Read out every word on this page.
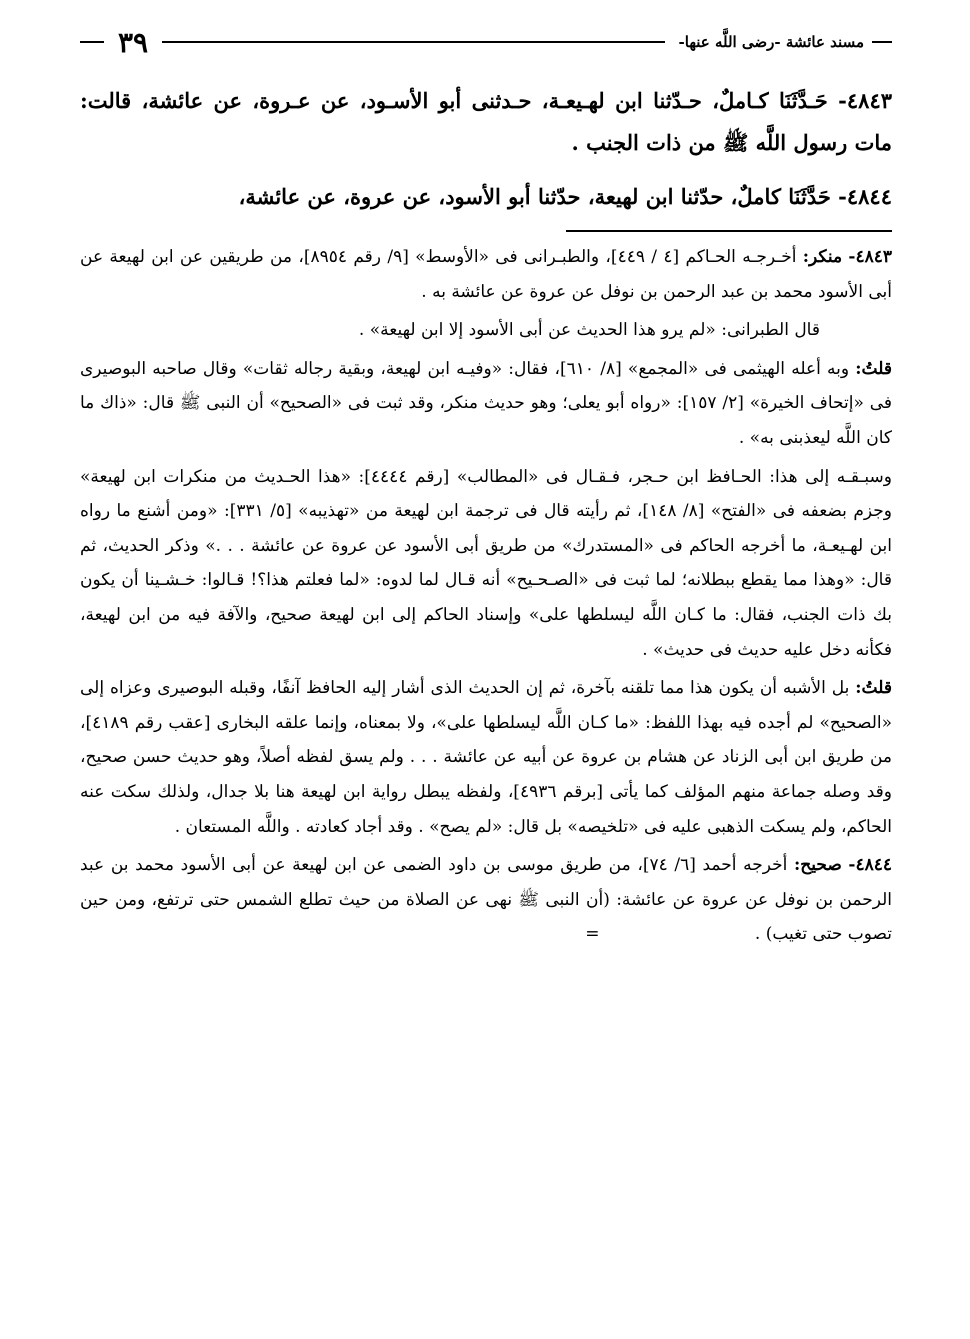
مسند عائشة -رضى اللَّه عنها-
٣٩

٤٨٤٣- حَـدَّثَنَا كـاملٌ، حـدّثنا ابن لهـيعـة، حـدثنى أبو الأسـود، عن عـروة، عن عائشة، قالت: مات رسول اللَّه ﷺ من ذات الجنب .

٤٨٤٤- حَدَّثَنَا كاملٌ، حدّثنا ابن لهيعة، حدّثنا أبو الأسود، عن عروة، عن عائشة،

٤٨٤٣- منكر: أخـرجـه الحـاكم [٤ / ٤٤٩]، والطبـرانى فى «الأوسط» [٩/ رقم ٨٩٥٤]، من طريقين عن ابن لهيعة عن أبى الأسود محمد بن عبد الرحمن بن نوفل عن عروة عن عائشة به .

قال الطبرانى: «لم يرو هذا الحديث عن أبى الأسود إلا ابن لهيعة» .

قلتُ: وبه أعله الهيثمى فى «المجمع» [٨/ ٦١٠]، فقال: «وفيـه ابن لهيعة، وبقية رجاله ثقات» وقال صاحبه البوصيرى فى «إتحاف الخيرة» [٢/ ١٥٧]: «رواه أبو يعلى؛ وهو حديث منكر، وقد ثبت فى «الصحيح» أن النبى ﷺ قال: «ذاك ما كان اللَّه ليعذبنى به» .

وسبـقـه إلى هذا: الحـافظ ابن حـجر، فـقـال فى «المطالب» [رقم ٤٤٤٤]: «هذا الحـديث من منكرات ابن لهيعة» وجزم بضعفه فى «الفتح» [٨/ ١٤٨]، ثم رأيته قال فى ترجمة ابن لهيعة من «تهذيبه» [٥/ ٣٣١]: «ومن أشنع ما رواه ابن لهـيعـة، ما أخرجه الحاكم فى «المستدرك» من طريق أبى الأسود عن عروة عن عائشة . . .» وذكر الحديث، ثم قال: «وهذا مما يقطع ببطلانه؛ لما ثبت فى «الصـحـيح» أنه قـال لما لدوه: «لما فعلتم هذا؟! قـالوا: خـشـينا أن يكون بك ذات الجنب، فقال: ما كـان اللَّه ليسلطها على» وإسناد الحاكم إلى ابن لهيعة صحيح، والآفة فيه من ابن لهيعة، فكأنه دخل عليه حديث فى حديث» .

قلتُ: بل الأشبه أن يكون هذا مما تلقنه بآخرة، ثم إن الحديث الذى أشار إليه الحافظ آنفًا، وقبله البوصيرى وعزاه إلى «الصحيح» لم أجده فيه بهذا اللفظ: «ما كـان اللَّه ليسلطها على»، ولا بمعناه، وإنما علقه البخارى [عقب رقم ٤١٨٩]، من طريق ابن أبى الزناد عن هشام بن عروة عن أبيه عن عائشة . . . ولم يسق لفظه أصلاً، وهو حديث حسن صحيح، وقد وصله جماعة منهم المؤلف كما يأتى [برقم ٤٩٣٦]، ولفظه يبطل رواية ابن لهيعة هنا بلا جدال، ولذلك سكت عنه الحاكم، ولم يسكت الذهبى عليه فى «تلخيصه» بل قال: «لم يصح» . وقد أجاد كعادته . واللَّه المستعان .

٤٨٤٤- صحيح: أخرجه أحمد [٦/ ٧٤]، من طريق موسى بن داود الضمى عن ابن لهيعة عن أبى الأسود محمد بن عبد الرحمن بن نوفل عن عروة عن عائشة: (أن النبى ﷺ نهى عن الصلاة من حيث تطلع الشمس حتى ترتفع، ومن حين تصوب حتى تغيب) . =
